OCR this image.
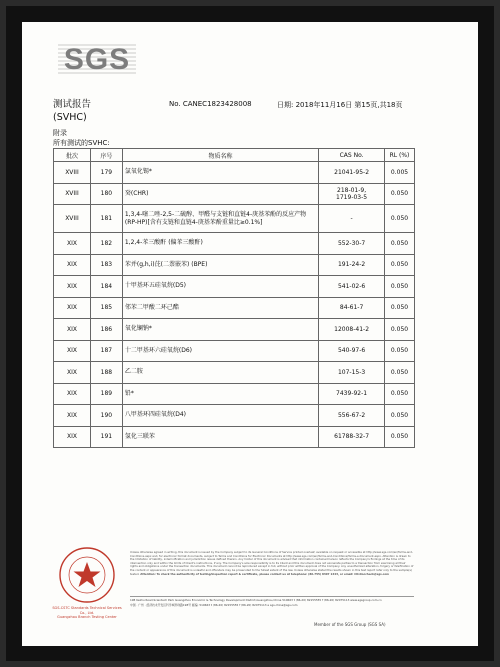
SGS
测试报告
(SVHC)
No. CANEC1823428008	日期: 2018年11月16日 第15页,共18页
附录
所有测试的SVHC:
批次	序号	物质名称	CAS No.	RL (%)
XVIII	179	氯氧化锡*	21041-95-2	0.005
XVIII	180	癸(CHR)	218-01-9,
1719-03-5	0.050
XVIII	181	1,3,4-噻二唑-2,5-二硫醇、甲醛与支链和直链4-庚基苯酚的反应产物(RP-HP)[含有支链和直链4-庚基苯酚重量比≥0.1%]	-	0.050
XIX	182	1,2,4-苯三酸酐 (偏苯三酸酐)	552-30-7	0.050
XIX	183	苯并(g,h,i)芘(二萘嵌苯) (BPE)	191-24-2	0.050
XIX	184	十甲基环五硅氧烷(D5)	541-02-6	0.050
XIX	185	邻苯二甲酸二环己酯	84-61-7	0.050
XIX	186	氧化镧钠*	12008-41-2	0.050
XIX	187	十二甲基环六硅氧烷(D6)	540-97-6	0.050
XIX	188	乙二胺	107-15-3	0.050
XIX	189	铅*	7439-92-1	0.050
XIX	190	八甲基环四硅氧烷(D4)	556-67-2	0.050
XIX	191	氢化三联苯	61788-32-7	0.050
SGS-CSTC Standards Technical Services Co., Ltd.
Guangzhou Branch Testing Center
Unless otherwise agreed in writing, this document is issued by the Company subject to its General Conditions of Service printed overleaf, available on request or accessible at http://www.sgs.com/en/Terms-and-Conditions.aspx and, for electronic format documents, subject to Terms and Conditions for Electronic Documents at http://www.sgs.com/en/Terms-and-Conditions/Terms-e-Document.aspx. Attention is drawn to the limitation of liability, indemnification and jurisdiction issues defined therein. Any holder of this document is advised that information contained hereon reflects the Company's findings at the time of its intervention only and within the limits of Client's instructions, if any. The Company's sole responsibility is to its Client and this document does not exonerate parties to a transaction from exercising all their rights and obligations under the transaction documents. This document cannot be reproduced except in full, without prior written approval of the Company. Any unauthorized alteration, forgery or falsification of the content or appearance of this document is unlawful and offenders may be prosecuted to the fullest extent of the law. Unless otherwise stated the results shown in this test report refer only to the sample(s) tested. Attention: To check the authenticity of testing/inspection report & certificate, please contact us at telephone: (86-755) 8307 1443, or email: CN.Doccheck@sgs.com
198 Kezhu Road,Scientech Park Guangzhou Economic & Technology Development District,Guangzhou,China 510663 t (86-20) 82155555 f (86-20) 82075113 www.sgsgroup.com.cn
中国 · 广州 · 经济技术开发区科学城科珠路198号 邮编: 510663 t (86-20) 82155555 f (86-20) 82075113 e sgs.china@sgs.com
Member of the SGS Group (SGS SA)
